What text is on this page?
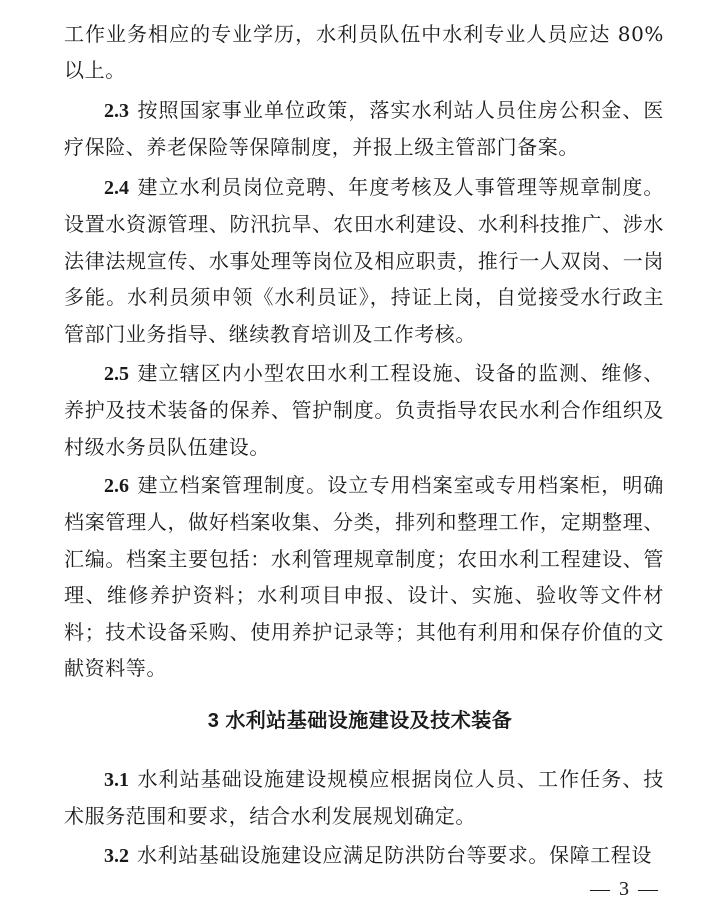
工作业务相应的专业学历，水利员队伍中水利专业人员应达 80%以上。

2.3 按照国家事业单位政策，落实水利站人员住房公积金、医疗保险、养老保险等保障制度，并报上级主管部门备案。

2.4 建立水利员岗位竞聘、年度考核及人事管理等规章制度。设置水资源管理、防汛抗旱、农田水利建设、水利科技推广、涉水法律法规宣传、水事处理等岗位及相应职责，推行一人双岗、一岗多能。水利员须申领《水利员证》，持证上岗，自觉接受水行政主管部门业务指导、继续教育培训及工作考核。

2.5 建立辖区内小型农田水利工程设施、设备的监测、维修、养护及技术装备的保养、管护制度。负责指导农民水利合作组织及村级水务员队伍建设。

2.6 建立档案管理制度。设立专用档案室或专用档案柜，明确档案管理人，做好档案收集、分类，排列和整理工作，定期整理、汇编。档案主要包括：水利管理规章制度；农田水利工程建设、管理、维修养护资料；水利项目申报、设计、实施、验收等文件材料；技术设备采购、使用养护记录等；其他有利用和保存价值的文献资料等。

3 水利站基础设施建设及技术装备

3.1 水利站基础设施建设规模应根据岗位人员、工作任务、技术服务范围和要求，结合水利发展规划确定。

3.2 水利站基础设施建设应满足防洪防台等要求。保障工程设

— 3 —
